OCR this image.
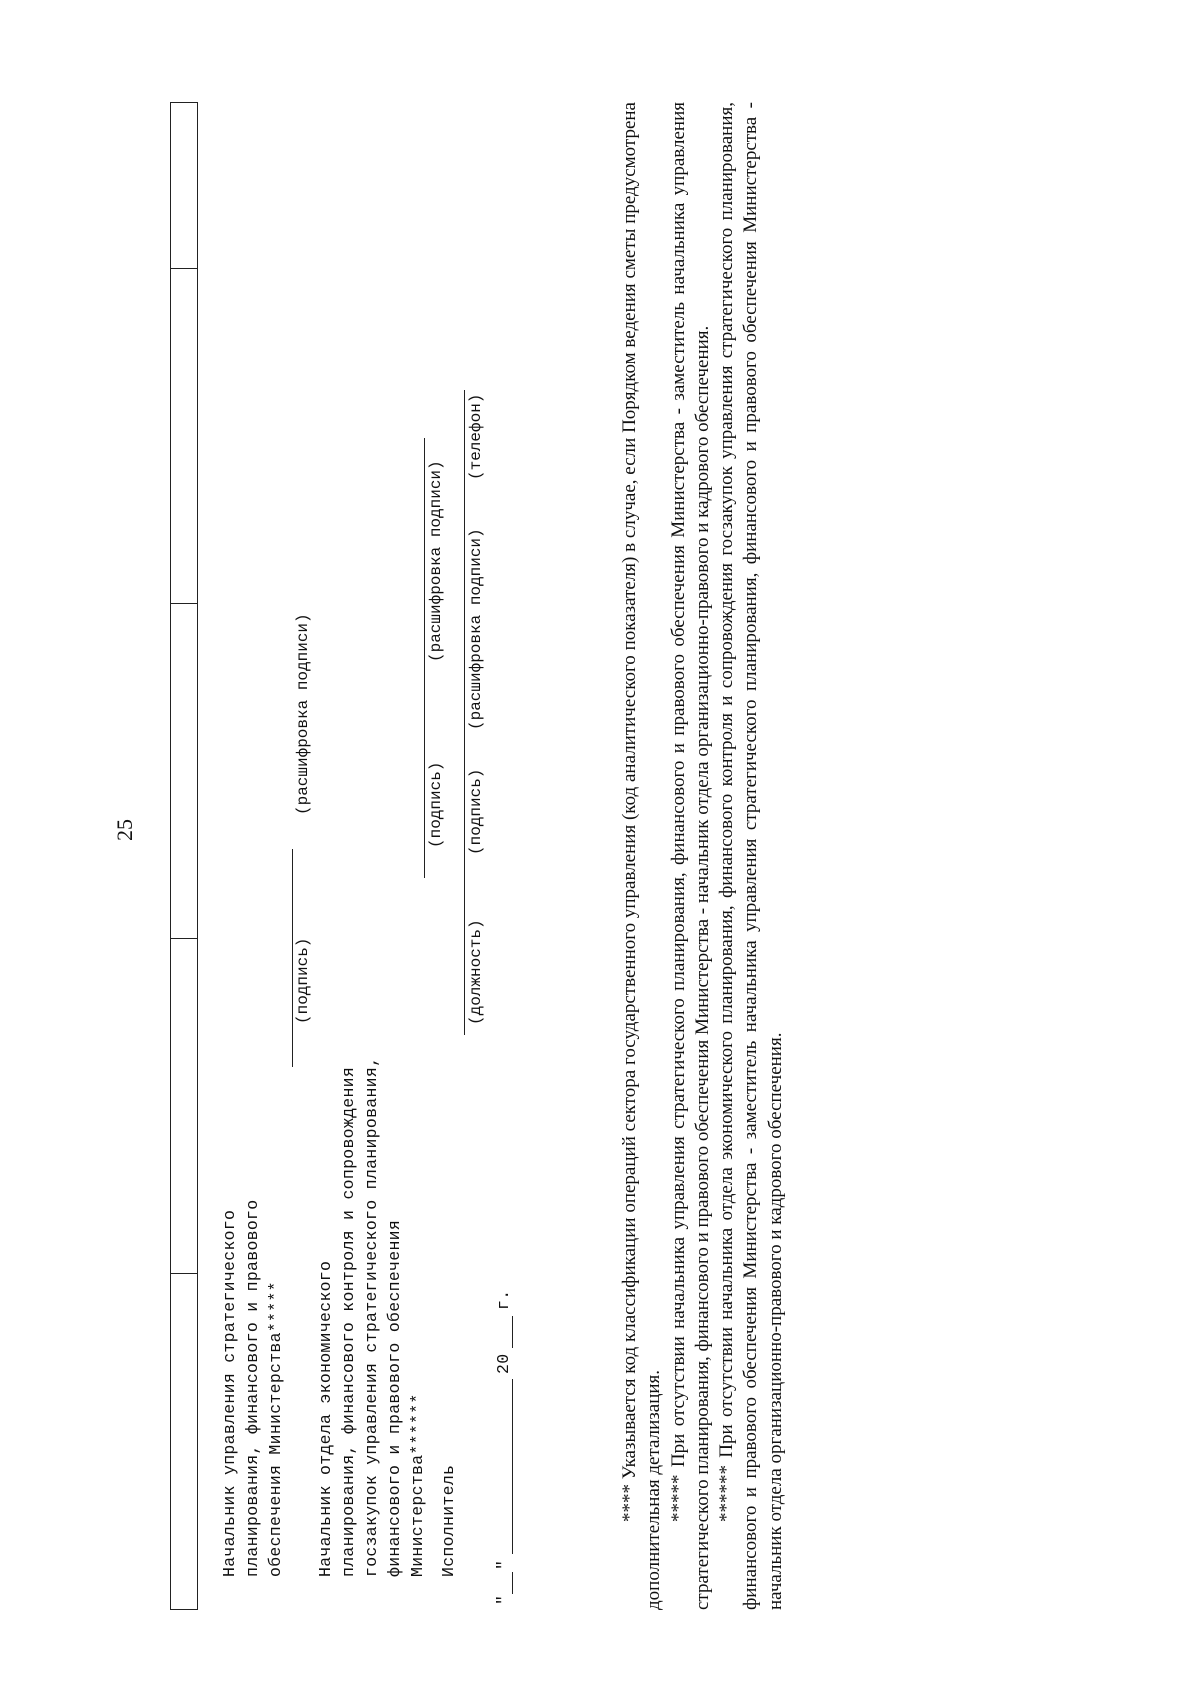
25
Начальник управления стратегического планирования, финансового и правового обеспечения Министерства*****
(подпись)
(расшифровка подписи)
Начальник отдела экономического планирования, финансового контроля и сопровождения госзакупок управления стратегического планирования, финансового и правового обеспечения Министерства******
(подпись)
(расшифровка подписи)
Исполнитель
(должность)
(подпись)
(расшифровка подписи)
(телефон)
"
"
20
г.	**** Указывается код классификации операций сектора государственного управления (код аналитического показателя) в случае, если Порядком ведения сметы предусмотрена дополнительная детализация. ***** При отсутствии начальника управления стратегического планирования, финансового и правового обеспечения Министерства - заместитель начальника управления стратегического планирования, финансового и правового обеспечения Министерства - начальник отдела организационно-правового и кадрового обеспечения. ****** При отсутствии начальника отдела экономического планирования, финансового контроля и сопровождения госзакупок управления стратегического планирования, финансового и правового обеспечения Министерства - заместитель начальника управления стратегического планирования, финансового и правового обеспечения Министерства - начальник отдела организационно-правового и кадрового обеспечения.
